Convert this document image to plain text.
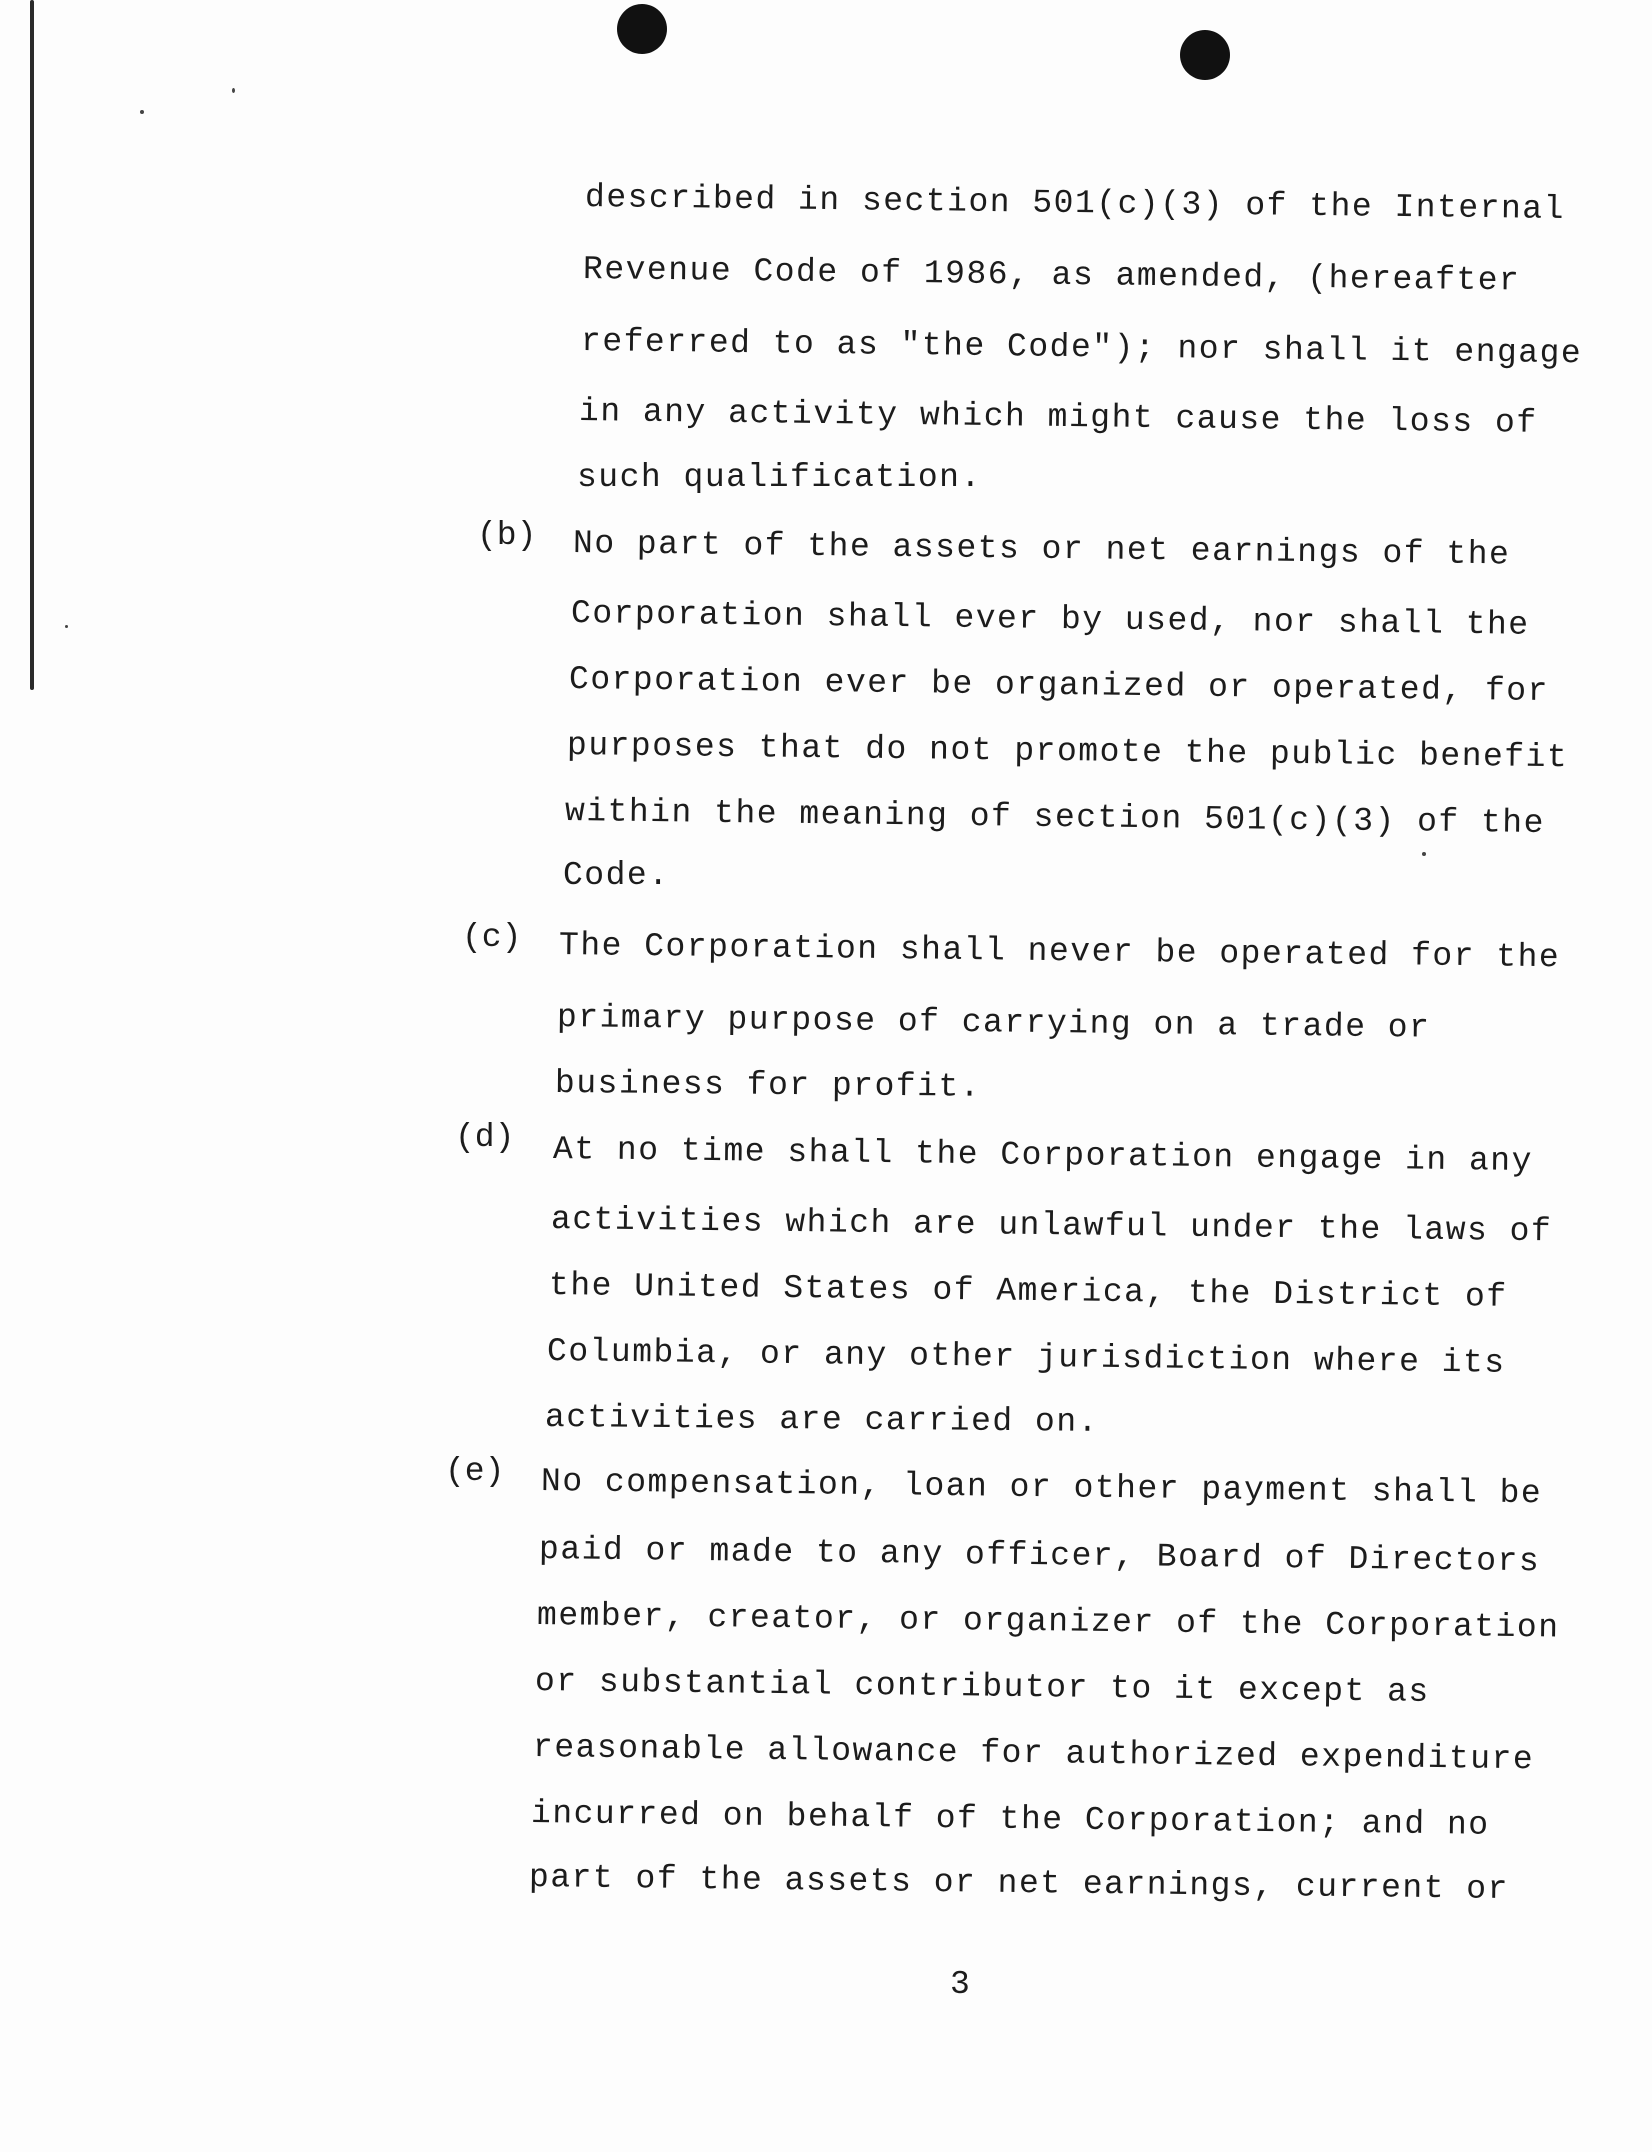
described in section 501(c)(3) of the Internal
Revenue Code of 1986, as amended, (hereafter
referred to as "the Code"); nor shall it engage
in any activity which might cause the loss of
such qualification.
(b) No part of the assets or net earnings of the
Corporation shall ever by used, nor shall the
Corporation ever be organized or operated, for
purposes that do not promote the public benefit
within the meaning of section 501(c)(3) of the
Code.
(c) The Corporation shall never be operated for the
primary purpose of carrying on a trade or
business for profit.
(d) At no time shall the Corporation engage in any
activities which are unlawful under the laws of
the United States of America, the District of
Columbia, or any other jurisdiction where its
activities are carried on.
(e) No compensation, loan or other payment shall be
paid or made to any officer, Board of Directors
member, creator, or organizer of the Corporation
or substantial contributor to it except as
reasonable allowance for authorized expenditure
incurred on behalf of the Corporation; and no
part of the assets or net earnings, current or
3
